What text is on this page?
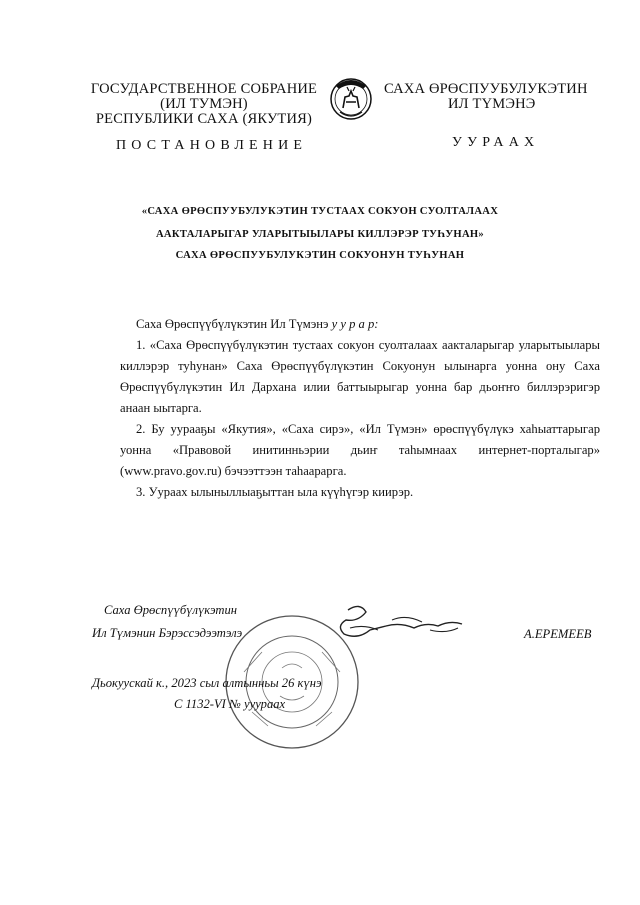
ГОСУДАРСТВЕННОЕ СОБРАНИЕ
(ИЛ ТУМЭН)
РЕСПУБЛИКИ САХА (ЯКУТИЯ)
САХА ӨРӨСПУУБУЛУКЭТИН
ИЛ ТҮМЭНЭ
ПОСТАНОВЛЕНИЕ	УУРААХ
«САХА ӨРӨСПУУБУЛУКЭТИН ТУСТААХ СОКУОН СУОЛТАЛААХ
ААКТАЛАРЫГАР УЛАРЫТЫЫЛАРЫ КИЛЛЭРЭР ТУҺУНАН»
САХА ӨРӨСПУУБУЛУКЭТИН СОКУОНУН ТУҺУНАН

Саха Өрөспүүбүлүкэтин Ил Түмэнэ у у р а р:

1. «Саха Өрөспүүбүлүкэтин тустаах сокуон суолталаах аакталарыгар уларытыылары киллэрэр туһунан» Саха Өрөспүүбүлүкэтин Сокуонун ылынарга уонна ону Саха Өрөспүүбүлүкэтин Ил Дархана илии баттыырыгар уонна бар дьоҥҥо биллэрэригэр анаан ыытарга.

2. Бу уурааҕы «Якутия», «Саха сирэ», «Ил Түмэн» өрөспүүбүлүкэ хаһыаттарыгар уонна «Правовой инитинньэрии дьиҥ таһымнаах интернет-порталыгар» (www.pravo.gov.ru) бэчээттээн таһаарарга.

3. Уураах ылыныллыаҕыттан ыла күүһүгэр киирэр.

Саха Өрөспүүбүлүкэтин
Ил Түмэнин Бэрэссэдээтэлэ	А.ЕРЕМЕЕВ
Дьокуускай к., 2023 сыл алтынньы 26 күнэ
С 1132-VI № ууураах
